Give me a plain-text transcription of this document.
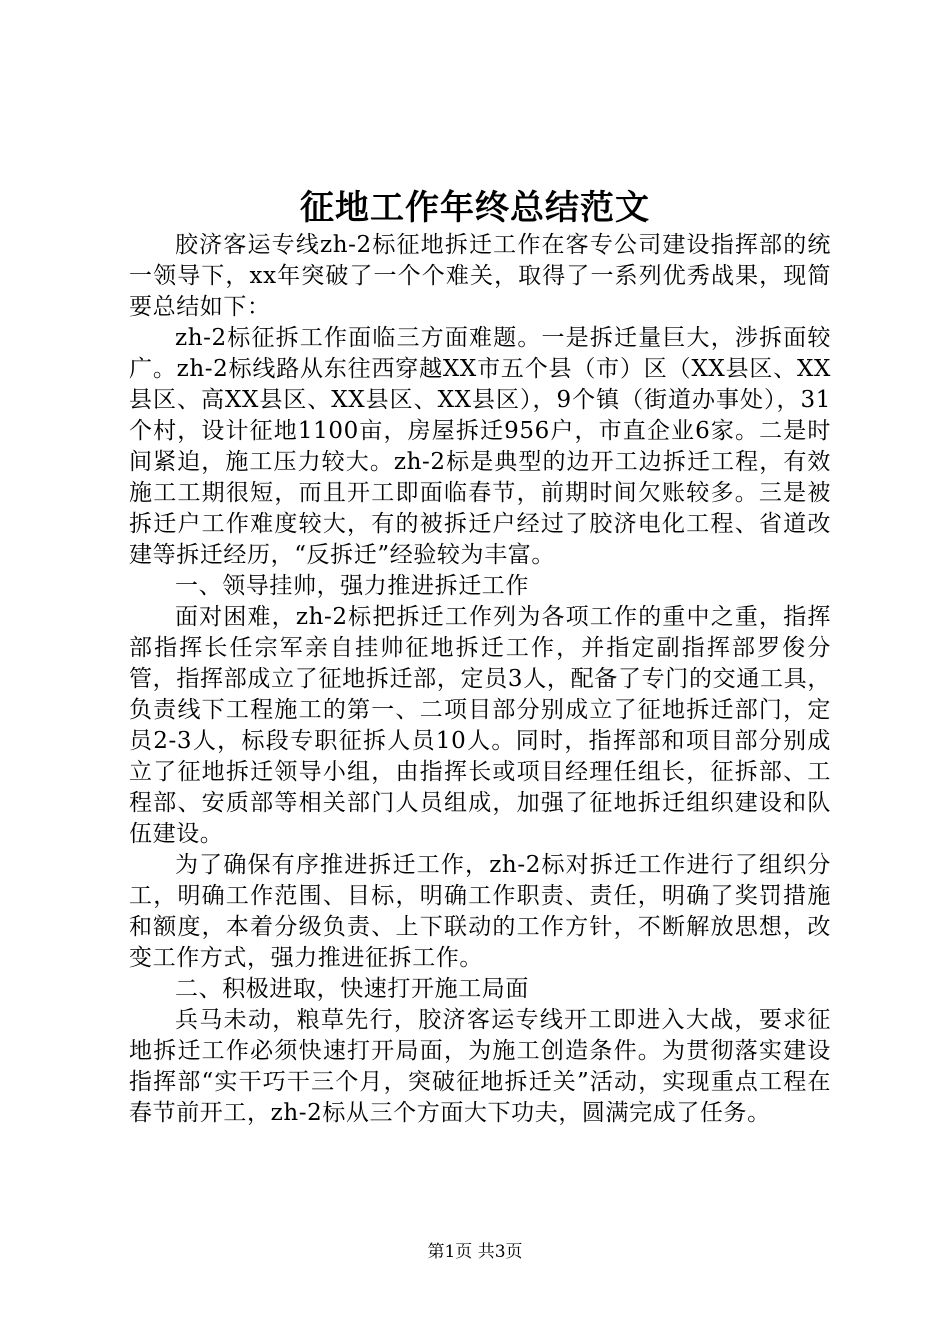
征地工作年终总结范文

胶济客运专线zh-2标征地拆迁工作在客专公司建设指挥部的统一领导下，xx年突破了一个个难关，取得了一系列优秀战果，现简要总结如下：

zh-2标征拆工作面临三方面难题。一是拆迁量巨大，涉拆面较广。zh-2标线路从东往西穿越XX市五个县（市）区（XX县区、XX县区、高XX县区、XX县区、XX县区），9个镇（街道办事处），31个村，设计征地1100亩，房屋拆迁956户，市直企业6家。二是时间紧迫，施工压力较大。zh-2标是典型的边开工边拆迁工程，有效施工工期很短，而且开工即面临春节，前期时间欠账较多。三是被拆迁户工作难度较大，有的被拆迁户经过了胶济电化工程、省道改建等拆迁经历，“反拆迁”经验较为丰富。

一、领导挂帅，强力推进拆迁工作

面对困难，zh-2标把拆迁工作列为各项工作的重中之重，指挥部指挥长任宗军亲自挂帅征地拆迁工作，并指定副指挥部罗俊分管，指挥部成立了征地拆迁部，定员3人，配备了专门的交通工具，负责线下工程施工的第一、二项目部分别成立了征地拆迁部门，定员2-3人，标段专职征拆人员10人。同时，指挥部和项目部分别成立了征地拆迁领导小组，由指挥长或项目经理任组长，征拆部、工程部、安质部等相关部门人员组成，加强了征地拆迁组织建设和队伍建设。

为了确保有序推进拆迁工作，zh-2标对拆迁工作进行了组织分工，明确工作范围、目标，明确工作职责、责任，明确了奖罚措施和额度，本着分级负责、上下联动的工作方针，不断解放思想，改变工作方式，强力推进征拆工作。

二、积极进取，快速打开施工局面

兵马未动，粮草先行，胶济客运专线开工即进入大战，要求征地拆迁工作必须快速打开局面，为施工创造条件。为贯彻落实建设指挥部“实干巧干三个月，突破征地拆迁关”活动，实现重点工程在春节前开工，zh-2标从三个方面大下功夫，圆满完成了任务。

第1页 共3页
